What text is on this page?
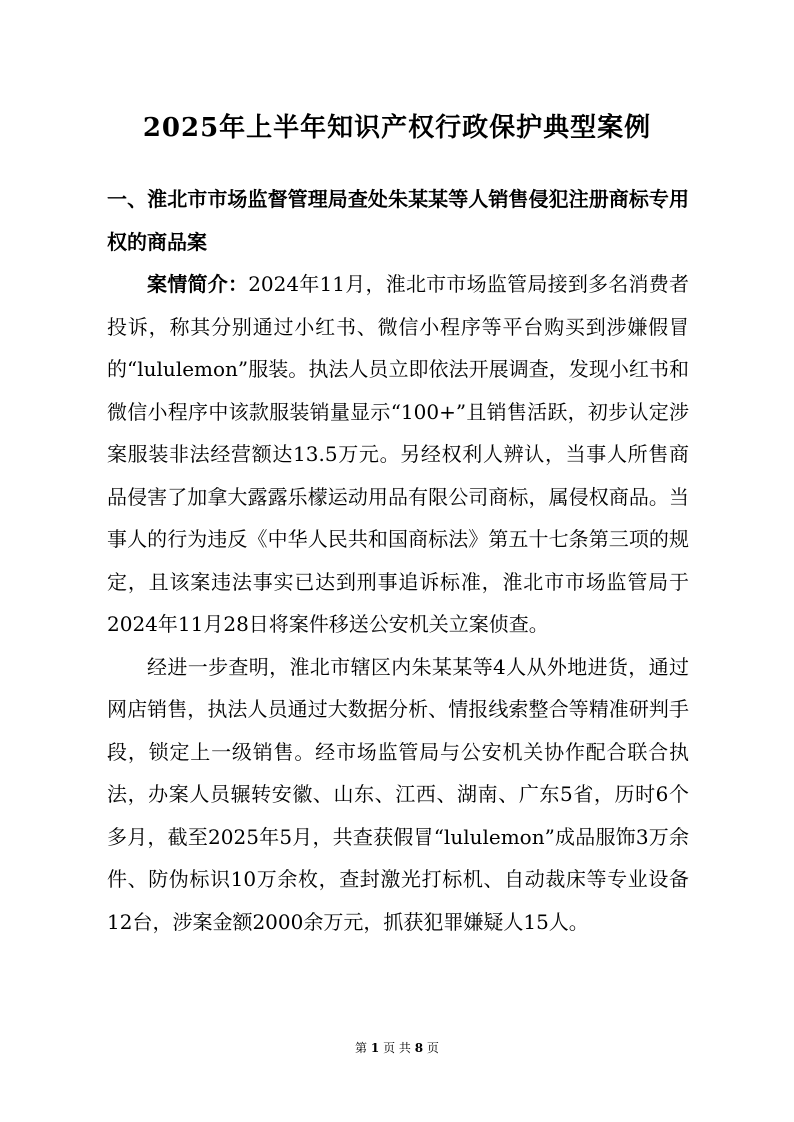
2025年上半年知识产权行政保护典型案例

一、淮北市市场监督管理局查处朱某某等人销售侵犯注册商标专用权的商品案

案情简介：2024年11月，淮北市市场监管局接到多名消费者投诉，称其分别通过小红书、微信小程序等平台购买到涉嫌假冒的“lululemon”服装。执法人员立即依法开展调查，发现小红书和微信小程序中该款服装销量显示“100+”且销售活跃，初步认定涉案服装非法经营额达13.5万元。另经权利人辨认，当事人所售商品侵害了加拿大露露乐檬运动用品有限公司商标，属侵权商品。当事人的行为违反《中华人民共和国商标法》第五十七条第三项的规定，且该案违法事实已达到刑事追诉标准，淮北市市场监管局于2024年11月28日将案件移送公安机关立案侦查。

经进一步查明，淮北市辖区内朱某某等4人从外地进货，通过网店销售，执法人员通过大数据分析、情报线索整合等精准研判手段，锁定上一级销售。经市场监管局与公安机关协作配合联合执法，办案人员辗转安徽、山东、江西、湖南、广东5省，历时6个多月，截至2025年5月，共查获假冒“lululemon”成品服饰3万余件、防伪标识10万余枚，查封激光打标机、自动裁床等专业设备12台，涉案金额2000余万元，抓获犯罪嫌疑人15人。

第 1 页 共 8 页
